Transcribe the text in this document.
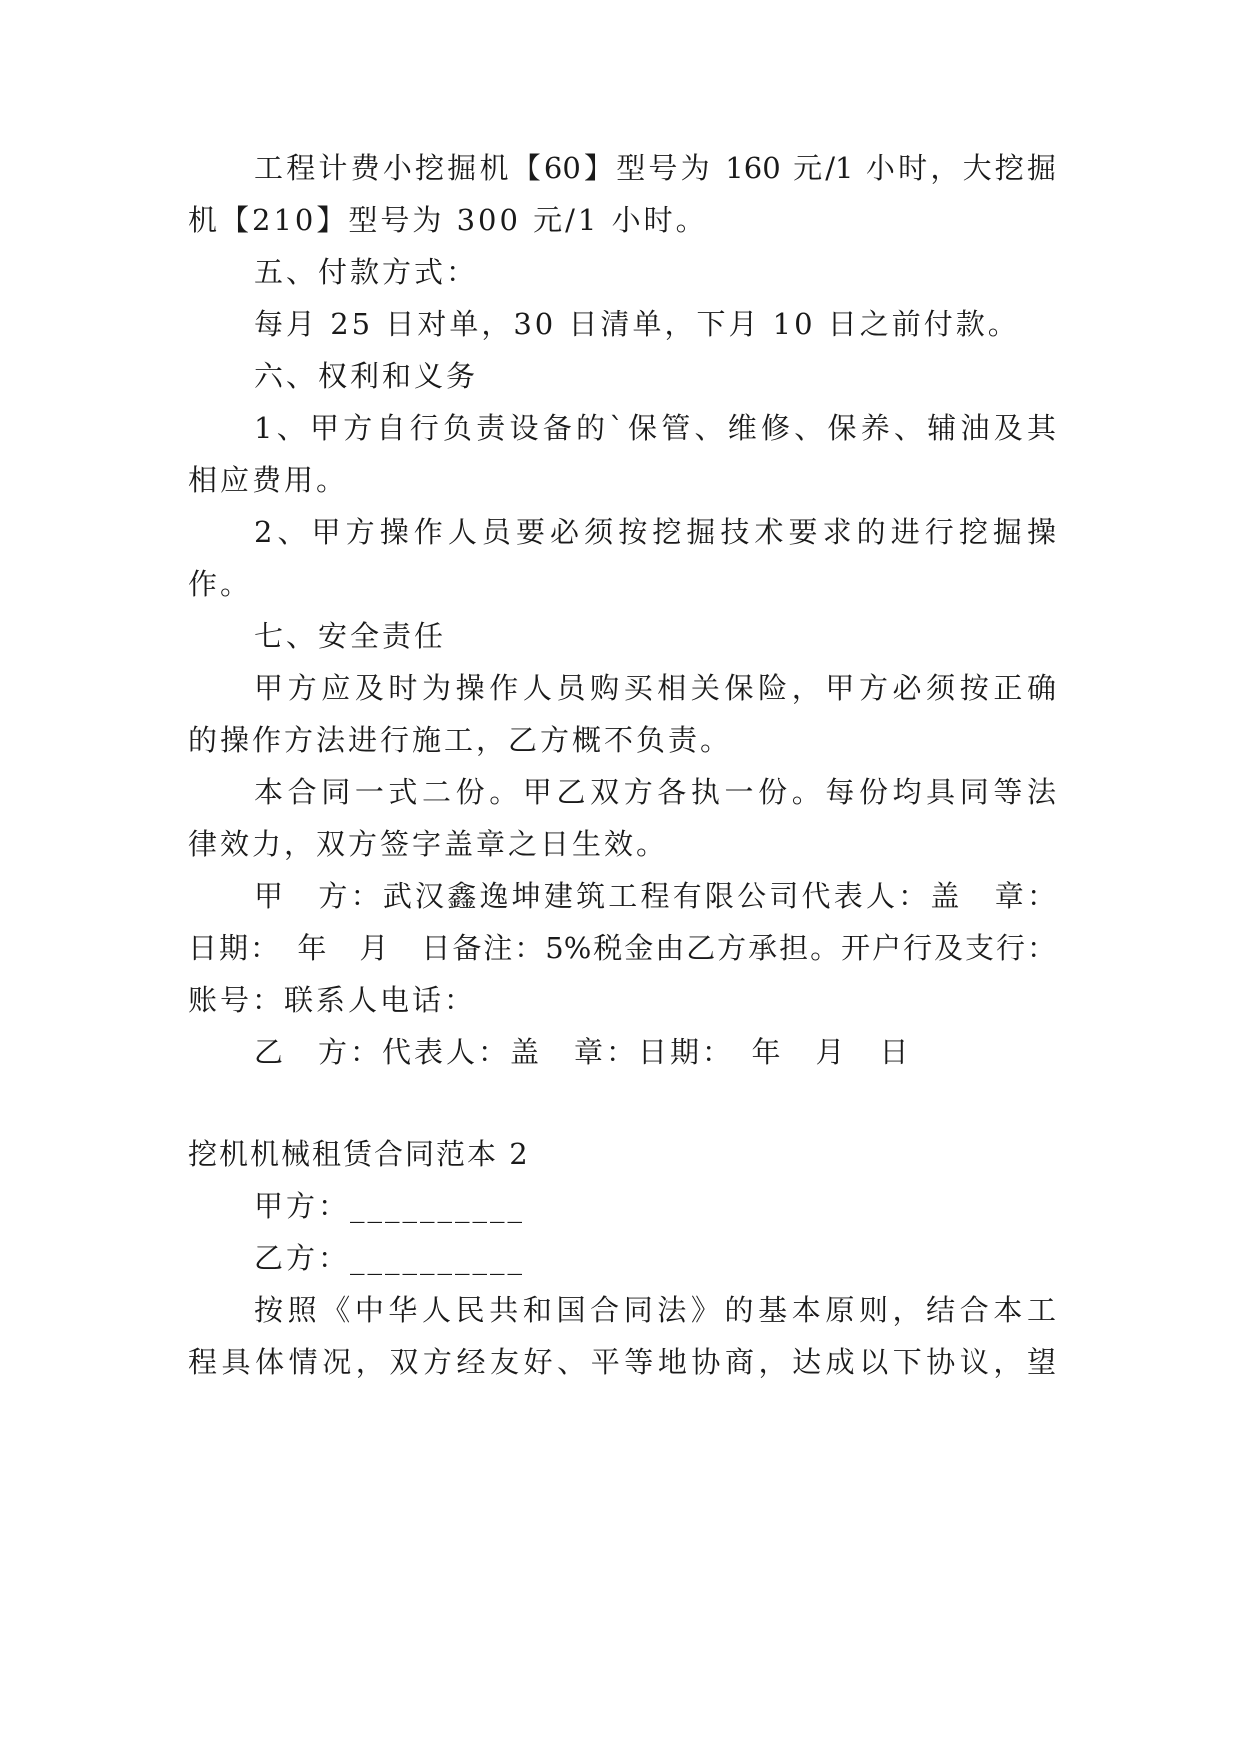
工程计费小挖掘机【60】型号为 160 元/1 小时，大挖掘

机【210】型号为 300 元/1 小时。

五、付款方式：

每月 25 日对单，30 日清单，下月 10 日之前付款。

六、权利和义务

1、甲方自行负责设备的`保管、维修、保养、辅油及其

相应费用。

2、甲方操作人员要必须按挖掘技术要求的进行挖掘操

作。

七、安全责任

甲方应及时为操作人员购买相关保险，甲方必须按正确

的操作方法进行施工，乙方概不负责。

本合同一式二份。甲乙双方各执一份。每份均具同等法

律效力，双方签字盖章之日生效。

甲　方：武汉鑫逸坤建筑工程有限公司代表人：盖　章：

日期：　年　月　日备注：5%税金由乙方承担。开户行及支行：

账号：联系人电话：

乙　方：代表人：盖　章：日期：　年　月　日

挖机机械租赁合同范本 2

甲方：__________

乙方：__________

按照《中华人民共和国合同法》的基本原则，结合本工

程具体情况，双方经友好、平等地协商，达成以下协议，望
